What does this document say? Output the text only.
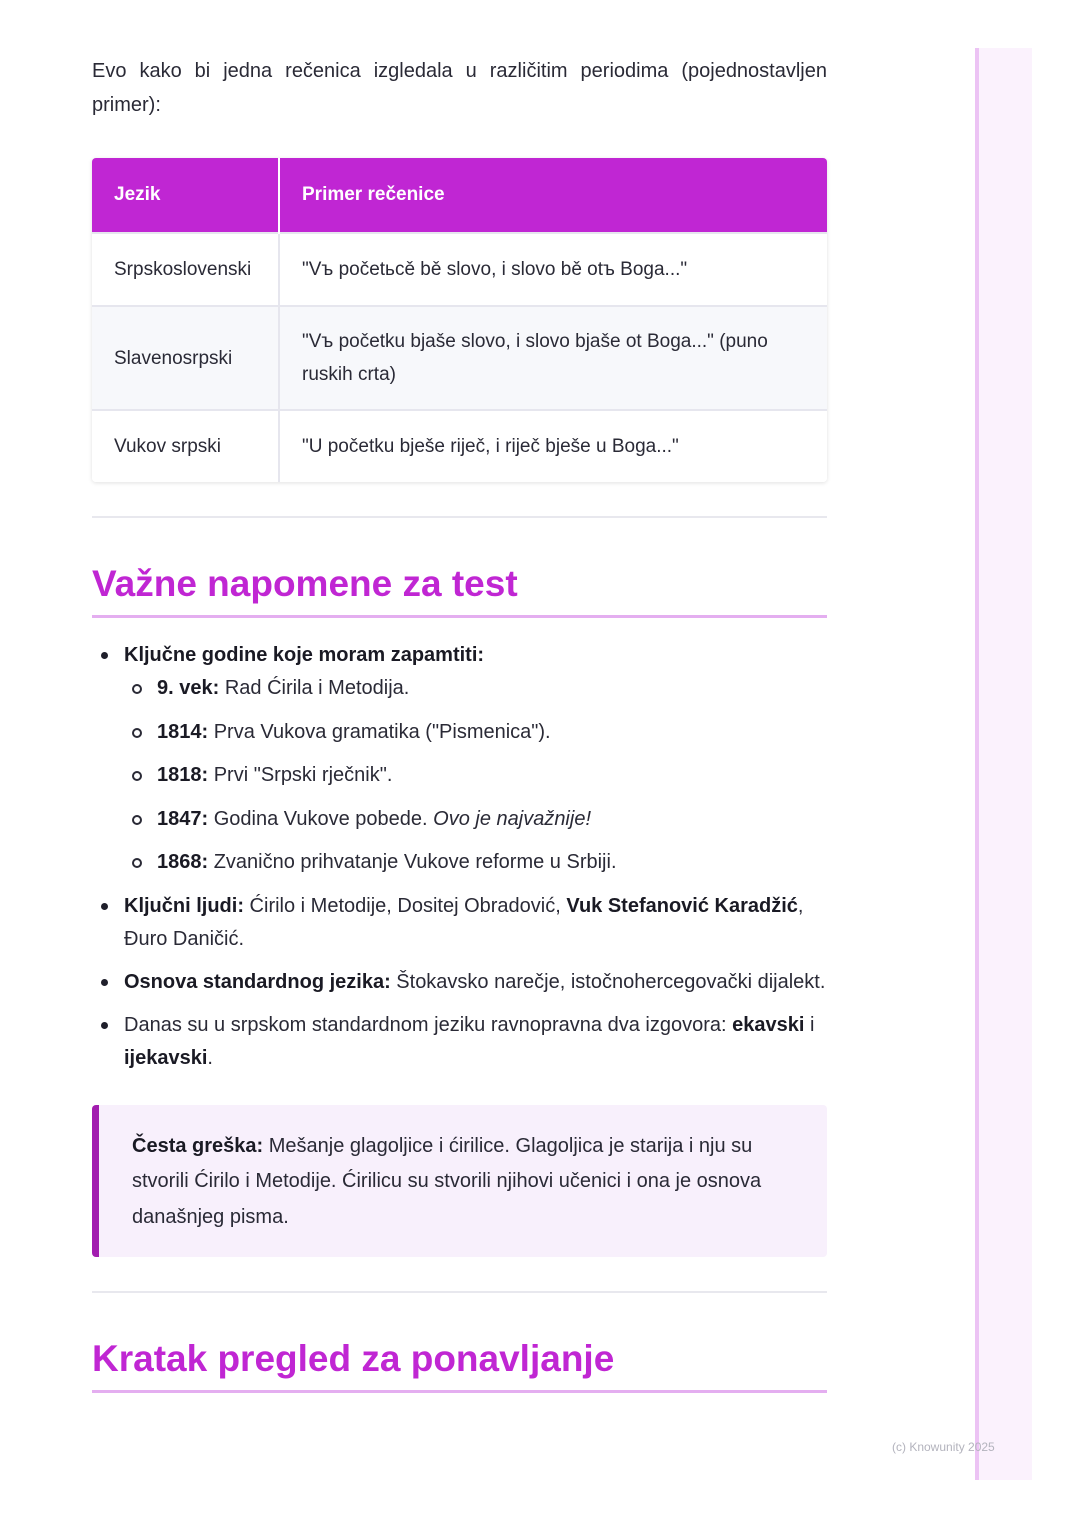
Evo kako bi jedna rečenica izgledala u različitim periodima (pojednostavljen primer):

Jezik	Primer rečenice
Srpskoslovenski	"Vъ početьcě bě slovo, i slovo bě otъ Boga..."
Slavenosrpski	"Vъ početku bjaše slovo, i slovo bjaše ot Boga..." (puno ruskih crta)
Vukov srpski	"U početku bješe riječ, i riječ bješe u Boga..."
Važne napomene za test
Ključne godine koje moram zapamtiti:
9. vek: Rad Ćirila i Metodija.
1814: Prva Vukova gramatika ("Pismenica").
1818: Prvi "Srpski rječnik".
1847: Godina Vukove pobede. Ovo je najvažnije!
1868: Zvanično prihvatanje Vukove reforme u Srbiji.
Ključni ljudi: Ćirilo i Metodije, Dositej Obradović, Vuk Stefanović Karadžić, Đuro Daničić.
Osnova standardnog jezika: Štokavsko narečje, istočnohercegovački dijalekt.
Danas su u srpskom standardnom jeziku ravnopravna dva izgovora: ekavski i ijekavski.
Česta greška: Mešanje glagoljice i ćirilice. Glagoljica je starija i nju su stvorili Ćirilo i Metodije. Ćirilicu su stvorili njihovi učenici i ona je osnova današnjeg pisma.
Kratak pregled za ponavljanje
(c) Knowunity 2025
